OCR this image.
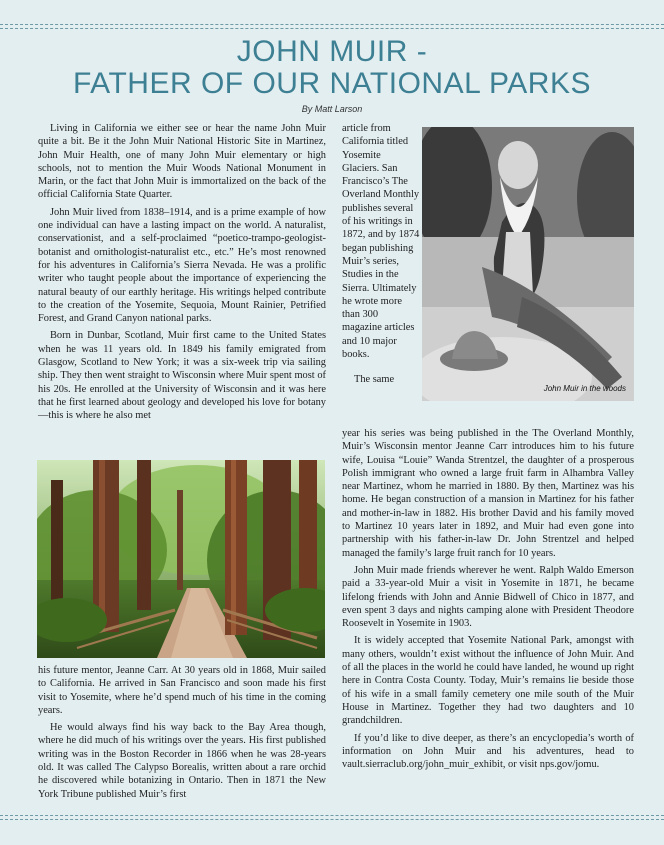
JOHN MUIR -
FATHER OF OUR NATIONAL PARKS
By Matt Larson

Living in California we either see or hear the name John Muir quite a bit. Be it the John Muir National Historic Site in Martinez, John Muir Health, one of many John Muir elementary or high schools, not to mention the Muir Woods National Monument in Marin, or the fact that John Muir is immortalized on the back of the official California State Quarter.

John Muir lived from 1838–1914, and is a prime example of how one individual can have a lasting impact on the world. A naturalist, conservationist, and a self-proclaimed “poetico-trampo-geologist-botanist and ornithologist-naturalist etc., etc.” He’s most renowned for his adventures in California’s Sierra Nevada. He was a prolific writer who taught people about the importance of experiencing the natural beauty of our earthly heritage. His writings helped contribute to the creation of the Yosemite, Sequoia, Mount Rainier, Petrified Forest, and Grand Canyon national parks.

Born in Dunbar, Scotland, Muir first came to the United States when he was 11 years old. In 1849 his family emigrated from Glasgow, Scotland to New York; it was a six-week trip via sailing ship. They then went straight to Wisconsin where Muir spent most of his 20s. He enrolled at the University of Wisconsin and it was here that he first learned about geology and developed his love for botany—this is where he also met

his future mentor, Jeanne Carr. At 30 years old in 1868, Muir sailed to California. He arrived in San Francisco and soon made his first visit to Yosemite, where he’d spend much of his time in the coming years.

He would always find his way back to the Bay Area though, where he did much of his writings over the years. His first published writing was in the Boston Recorder in 1866 when he was 28-years old. It was called The Calypso Borealis, written about a rare orchid he discovered while botanizing in Ontario. Then in 1871 the New York Tribune published Muir’s first

article from California titled Yosemite Glaciers. San Francisco’s The Overland Monthly publishes several of his writings in 1872, and by 1874 began publishing Muir’s series, Studies in the Sierra. Ultimately he wrote more than 300 magazine articles and 10 major books.

The same

John Muir in the woods

year his series was being published in the The Overland Monthly, Muir’s Wisconsin mentor Jeanne Carr introduces him to his future wife, Louisa “Louie” Wanda Strentzel, the daughter of a prosperous Polish immigrant who owned a large fruit farm in Alhambra Valley near Martinez, whom he married in 1880. By then, Martinez was his home. He began construction of a mansion in Martinez for his father and mother-in-law in 1882. His brother David and his family moved to Martinez 10 years later in 1892, and Muir had even gone into partnership with his father-in-law Dr. John Strentzel and helped managed the family’s large fruit ranch for 10 years.

John Muir made friends wherever he went. Ralph Waldo Emerson paid a 33-year-old Muir a visit in Yosemite in 1871, he became lifelong friends with John and Annie Bidwell of Chico in 1877, and even spent 3 days and nights camping alone with President Theodore Roosevelt in Yosemite in 1903.

It is widely accepted that Yosemite National Park, amongst with many others, wouldn’t exist without the influence of John Muir. And of all the places in the world he could have landed, he wound up right here in Contra Costa County. Today, Muir’s remains lie beside those of his wife in a small family cemetery one mile south of the Muir House in Martinez. Together they had two daughters and 10 grandchildren.

If you’d like to dive deeper, as there’s an encyclopedia’s worth of information on John Muir and his adventures, head to vault.sierraclub.org/john_muir_exhibit, or visit nps.gov/jomu.
